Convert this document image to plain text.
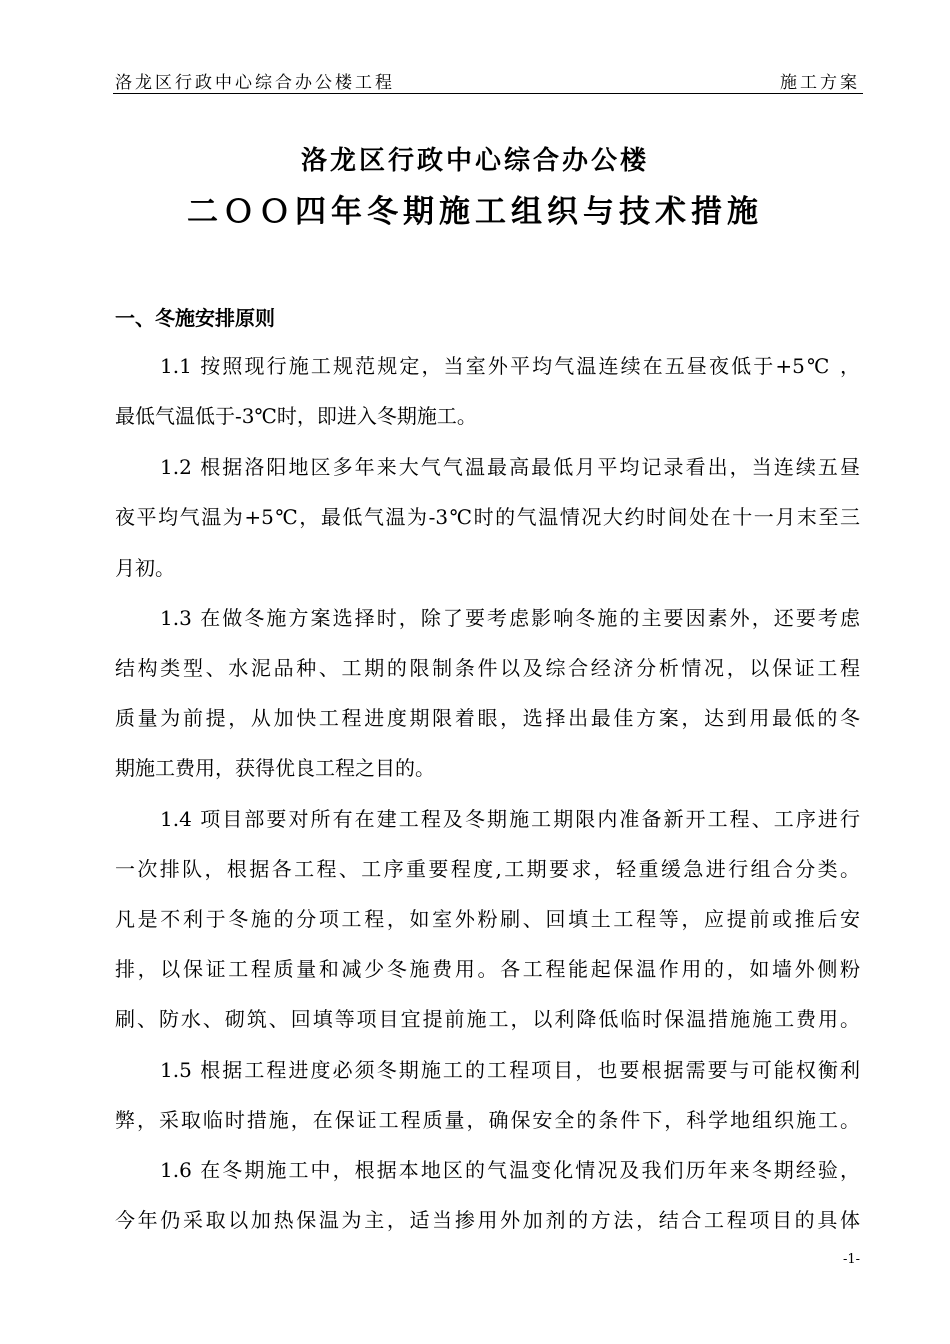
洛龙区行政中心综合办公楼工程	施工方案
洛龙区行政中心综合办公楼
二ＯＯ四年冬期施工组织与技术措施
一、冬施安排原则
1.1 按照现行施工规范规定，当室外平均气温连续在五昼夜低于+5℃ ，
最低气温低于-3℃时，即进入冬期施工。
1.2 根据洛阳地区多年来大气气温最高最低月平均记录看出，当连续五昼
夜平均气温为+5℃，最低气温为-3℃时的气温情况大约时间处在十一月末至三
月初。
1.3 在做冬施方案选择时，除了要考虑影响冬施的主要因素外，还要考虑
结构类型、水泥品种、工期的限制条件以及综合经济分析情况，以保证工程
质量为前提，从加快工程进度期限着眼，选择出最佳方案，达到用最低的冬
期施工费用，获得优良工程之目的。
1.4 项目部要对所有在建工程及冬期施工期限内准备新开工程、工序进行
一次排队，根据各工程、工序重要程度,工期要求，轻重缓急进行组合分类。
凡是不利于冬施的分项工程，如室外粉刷、回填土工程等，应提前或推后安
排，以保证工程质量和减少冬施费用。各工程能起保温作用的，如墙外侧粉
刷、防水、砌筑、回填等项目宜提前施工，以利降低临时保温措施施工费用。
1.5 根据工程进度必须冬期施工的工程项目，也要根据需要与可能权衡利
弊，采取临时措施，在保证工程质量，确保安全的条件下，科学地组织施工。
1.6 在冬期施工中，根据本地区的气温变化情况及我们历年来冬期经验，
今年仍采取以加热保温为主，适当掺用外加剂的方法，结合工程项目的具体
-1-
